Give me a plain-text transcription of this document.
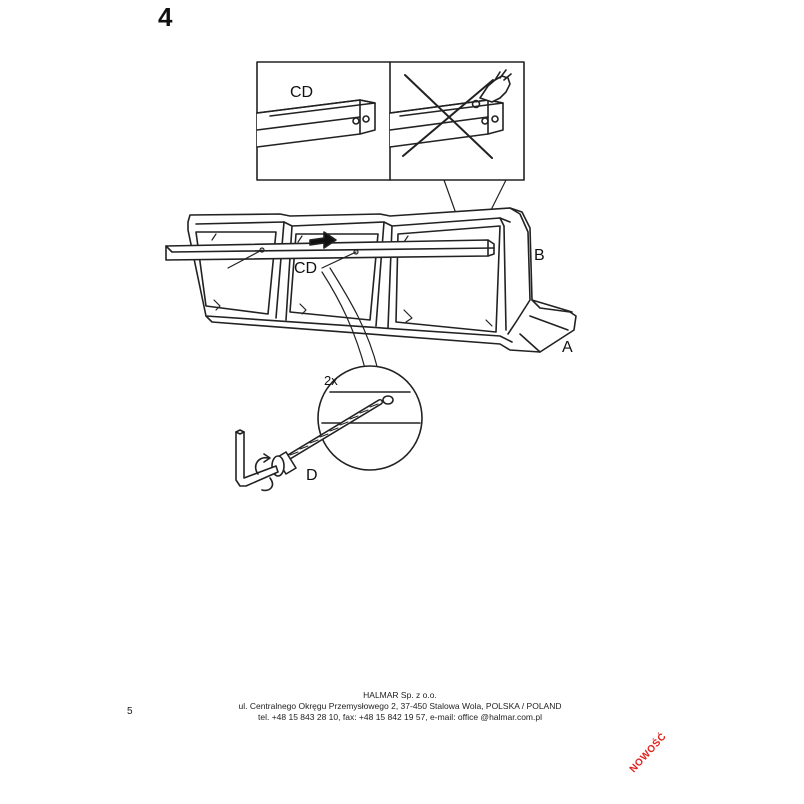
4
CD
CD
B
A
2x
D
HALMAR Sp. z o.o.
ul. Centralnego Okręgu Przemysłowego 2, 37-450 Stalowa Wola, POLSKA / POLAND
tel. +48 15 843 28 10, fax: +48 15 842 19 57, e-mail: office @halmar.com.pl
5
NOWOŚĆ
